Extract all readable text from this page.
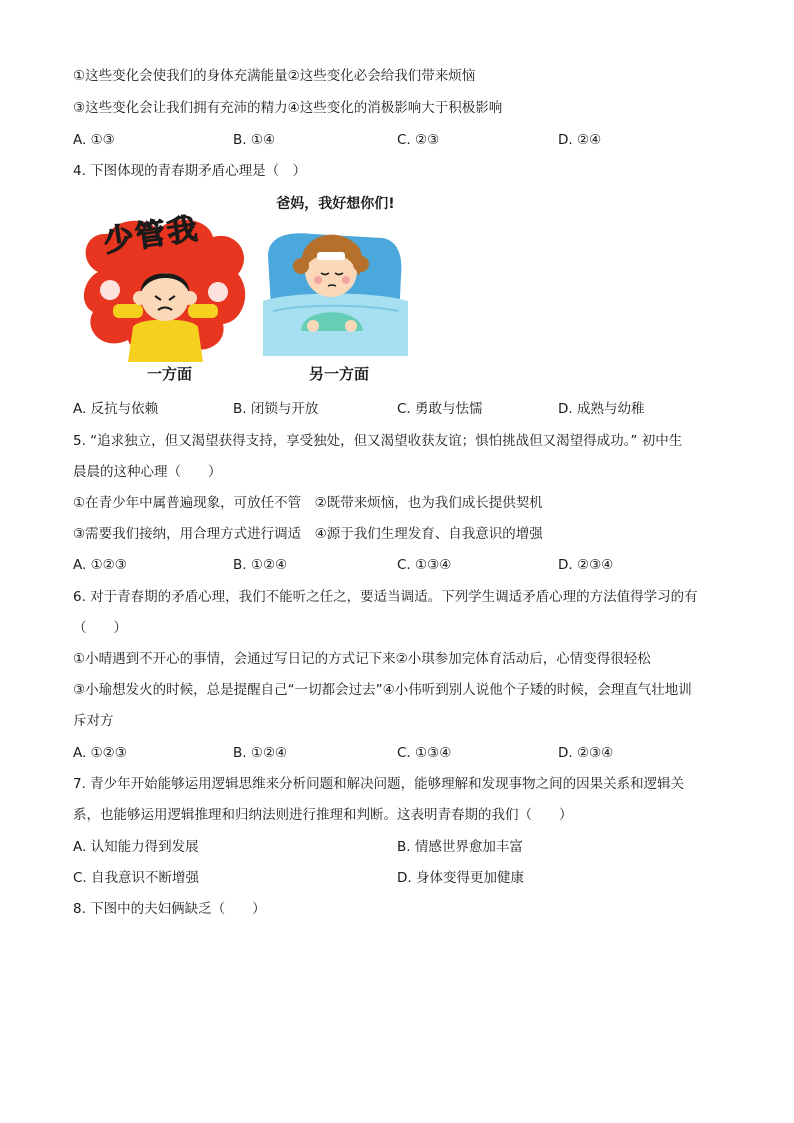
①这些变化会使我们的身体充满能量②这些变化必会给我们带来烦恼
③这些变化会让我们拥有充沛的精力④这些变化的消极影响大于积极影响
A. ①③	B. ①④	C. ②③	D. ②④
4. 下图体现的青春期矛盾心理是（　）
少管我
爸妈，我好想你们!
一方面	另一方面
A. 反抗与依赖	B. 闭锁与开放	C. 勇敢与怯懦	D. 成熟与幼稚
5. “追求独立，但又渴望获得支持，享受独处，但又渴望收获友谊；惧怕挑战但又渴望得成功。” 初中生
晨晨的这种心理（　　）
①在青少年中属普遍现象，可放任不管　②既带来烦恼，也为我们成长提供契机
③需要我们接纳，用合理方式进行调适　④源于我们生理发育、自我意识的增强
A. ①②③	B. ①②④	C. ①③④	D. ②③④
6. 对于青春期的矛盾心理，我们不能听之任之，要适当调适。下列学生调适矛盾心理的方法值得学习的有
（　　）
①小晴遇到不开心的事情，会通过写日记的方式记下来②小琪参加完体育活动后，心情变得很轻松
③小瑜想发火的时候，总是提醒自己“一切都会过去”④小伟听到别人说他个子矮的时候，会理直气壮地训
斥对方
A. ①②③	B. ①②④	C. ①③④	D. ②③④
7. 青少年开始能够运用逻辑思维来分析问题和解决问题，能够理解和发现事物之间的因果关系和逻辑关
系，也能够运用逻辑推理和归纳法则进行推理和判断。这表明青春期的我们（　　）
A. 认知能力得到发展	B. 情感世界愈加丰富
C. 自我意识不断增强	D. 身体变得更加健康
8. 下图中的夫妇俩缺乏（　　）
